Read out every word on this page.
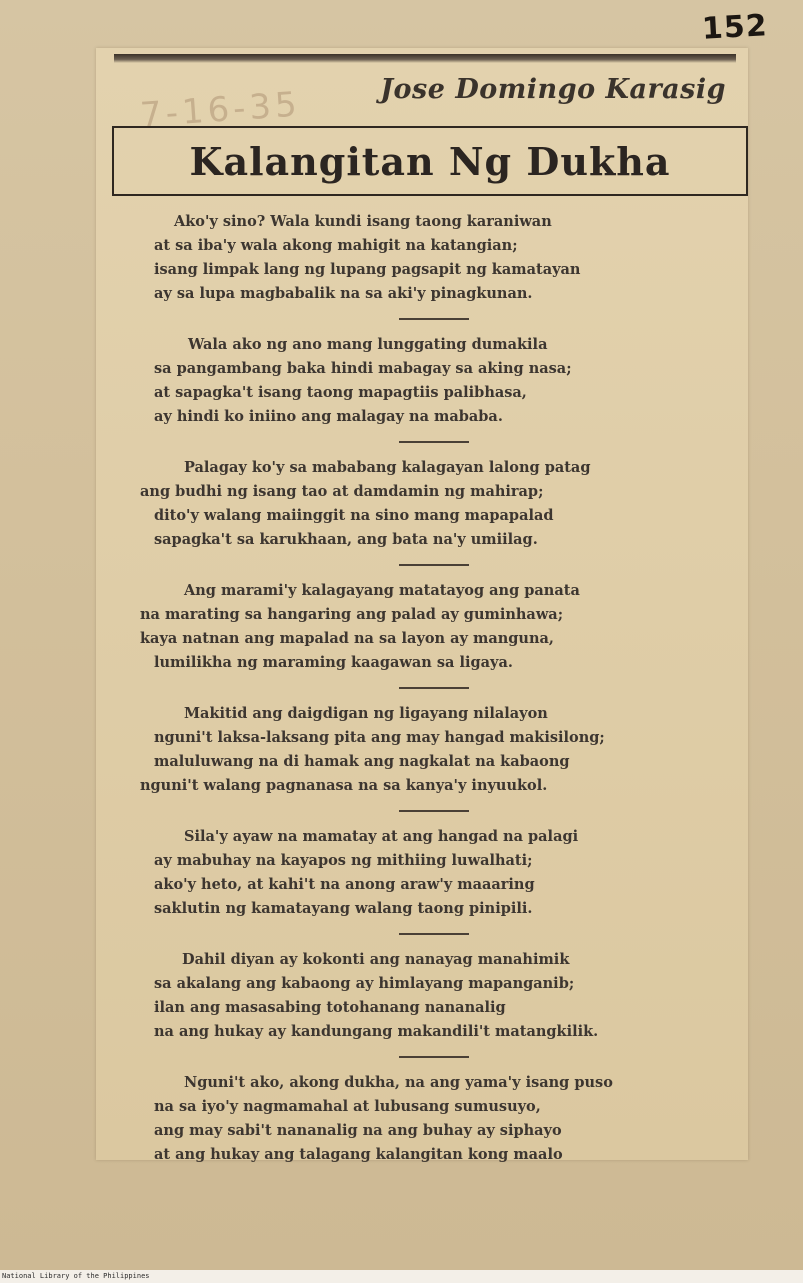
152
7-16-35	Jose Domingo Karasig
Kalangitan Ng Dukha
Ako'y sino? Wala kundi isang taong karaniwan
at sa iba'y wala akong mahigit na katangian;
isang limpak lang ng lupang pagsapit ng kamatayan
ay sa lupa magbabalik na sa aki'y pinagkunan.
Wala ako ng ano mang lunggating dumakila
sa pangambang baka hindi mabagay sa aking nasa;
at sapagka't isang taong mapagtiis palibhasa,
ay hindi ko iniino ang malagay na mababa.
Palagay ko'y sa mababang kalagayan lalong patag
ang budhi ng isang tao at damdamin ng mahirap;
dito'y walang maiinggit na sino mang mapapalad
sapagka't sa karukhaan, ang bata na'y umiilag.
Ang marami'y kalagayang matatayog ang panata
na marating sa hangaring ang palad ay guminhawa;
kaya natnan ang mapalad na sa layon ay manguna,
lumilikha ng maraming kaagawan sa ligaya.
Makitid ang daigdigan ng ligayang nilalayon
nguni't laksa-laksang pita ang may hangad makisilong;
maluluwang na di hamak ang nagkalat na kabaong
nguni't walang pagnanasa na sa kanya'y inyuukol.
Sila'y ayaw na mamatay at ang hangad na palagi
ay mabuhay na kayapos ng mithiing luwalhati;
ako'y heto, at kahi't na anong araw'y maaaring
saklutin ng kamatayang walang taong pinipili.
Dahil diyan ay kokonti ang nanayag manahimik
sa akalang ang kabaong ay himlayang mapanganib;
ilan ang masasabing totohanang nananalig
na ang hukay ay kandungang makandili't matangkilik.
Nguni't ako, akong dukha, na ang yama'y isang puso
na sa iyo'y nagmamahal at lubusang sumusuyo,
ang may sabi't nananalig na ang buhay ay siphayo
at ang hukay ang talagang kalangitan kong maalo
National Library of the Philippines
